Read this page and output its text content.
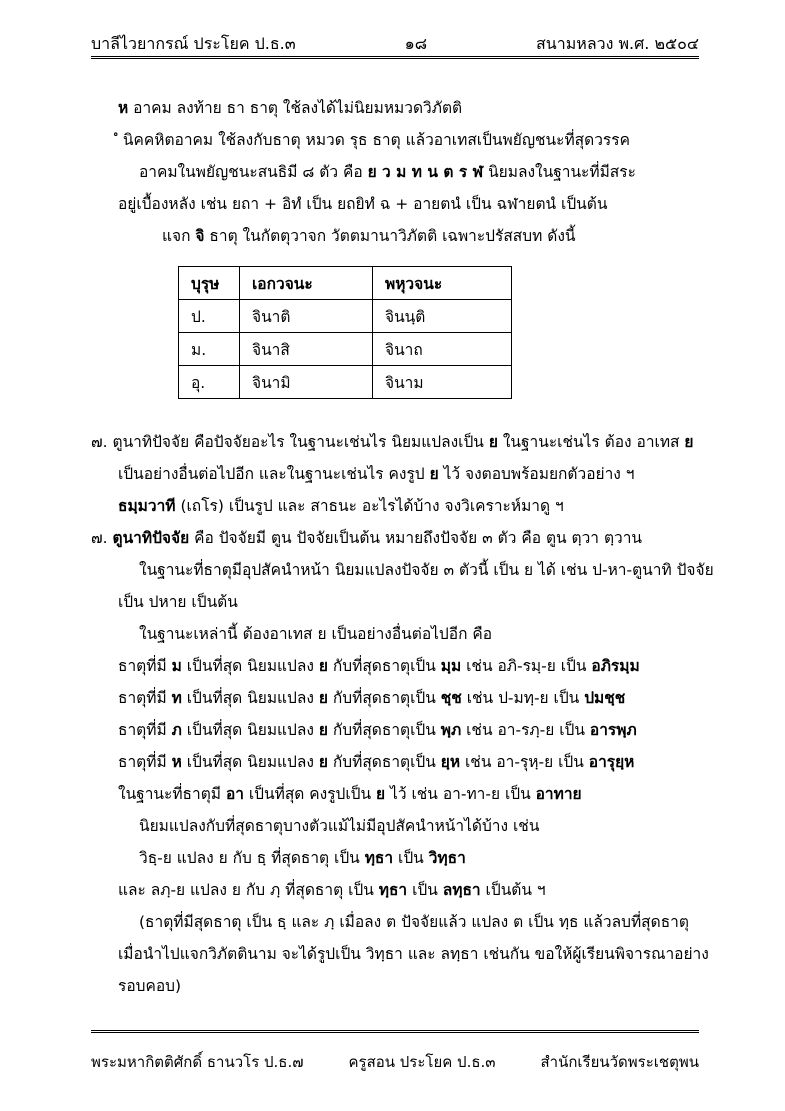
บาลีไวยากรณ์ ประโยค ป.ธ.๓	๑๘	สนามหลวง พ.ศ. ๒๕๐๔
ห อาคม ลงท้าย ธา ธาตุ ใช้ลงได้ไม่นิยมหมวดวิภัตติ
ํ นิคคหิตอาคม ใช้ลงกับธาตุ หมวด รุธ ธาตุ แล้วอาเทสเป็นพยัญชนะที่สุดวรรค
อาคมในพยัญชนะสนธิมี ๘ ตัว คือ ย ว ม ท น ต ร ฬ นิยมลงในฐานะที่มีสระ
อยู่เบื้องหลัง เช่น ยถา + อิทํ เป็น ยถยิทํ ฉ + อายตนํ เป็น ฉฬายตนํ เป็นต้น
แจก จิ ธาตุ ในกัตตุวาจก วัตตมานาวิภัตติ เฉพาะปรัสสบท ดังนี้
บุรุษ	เอกวจนะ	พหุวจนะ
ป.	จินาติ	จินนฺติ
ม.	จินาสิ	จินาถ
อุ.	จินามิ	จินาม
๗. ตูนาทิปัจจัย คือปัจจัยอะไร ในฐานะเช่นไร นิยมแปลงเป็น ย ในฐานะเช่นไร ต้อง อาเทส ย
เป็นอย่างอื่นต่อไปอีก และในฐานะเช่นไร คงรูป ย ไว้ จงตอบพร้อมยกตัวอย่าง ฯ
ธมฺมวาที (เถโร) เป็นรูป และ สาธนะ อะไรได้บ้าง จงวิเคราะห์มาดู ฯ
๗. ตูนาทิปัจจัย คือ ปัจจัยมี ตูน ปัจจัยเป็นต้น หมายถึงปัจจัย ๓ ตัว คือ ตูน ตฺวา ตฺวาน
ในฐานะที่ธาตุมีอุปสัคนำหน้า นิยมแปลงปัจจัย ๓ ตัวนี้ เป็น ย ได้ เช่น ป-หา-ตูนาทิ ปัจจัย
เป็น ปหาย เป็นต้น
ในฐานะเหล่านี้ ต้องอาเทส ย เป็นอย่างอื่นต่อไปอีก คือ
ธาตุที่มี ม เป็นที่สุด นิยมแปลง ย กับที่สุดธาตุเป็น มฺม เช่น อภิ-รมฺ-ย เป็น อภิรมฺม
ธาตุที่มี ท เป็นที่สุด นิยมแปลง ย กับที่สุดธาตุเป็น ชฺช เช่น ป-มทฺ-ย เป็น ปมชฺช
ธาตุที่มี ภ เป็นที่สุด นิยมแปลง ย กับที่สุดธาตุเป็น พฺภ เช่น อา-รภฺ-ย เป็น อารพฺภ
ธาตุที่มี ห เป็นที่สุด นิยมแปลง ย กับที่สุดธาตุเป็น ยฺห เช่น อา-รุหฺ-ย เป็น อารุยฺห
ในฐานะที่ธาตุมี อา เป็นที่สุด คงรูปเป็น ย ไว้ เช่น อา-ทา-ย เป็น อาทาย
นิยมแปลงกับที่สุดธาตุบางตัวแม้ไม่มีอุปสัคนำหน้าได้บ้าง เช่น
วิธฺ-ย แปลง ย กับ ธฺ ที่สุดธาตุ เป็น ทฺธา เป็น วิทฺธา
และ ลภฺ-ย แปลง ย กับ ภฺ ที่สุดธาตุ เป็น ทฺธา เป็น ลทฺธา เป็นต้น ฯ
(ธาตุที่มีสุดธาตุ เป็น ธฺ และ ภฺ เมื่อลง ต ปัจจัยแล้ว แปลง ต เป็น ทฺธ แล้วลบที่สุดธาตุ
เมื่อนำไปแจกวิภัตตินาม จะได้รูปเป็น วิทฺธา และ ลทฺธา เช่นกัน ขอให้ผู้เรียนพิจารณาอย่าง
รอบคอบ)
พระมหากิตติศักดิ์ ธานวโร ป.ธ.๗	ครูสอน ประโยค ป.ธ.๓	สำนักเรียนวัดพระเชตุพน
